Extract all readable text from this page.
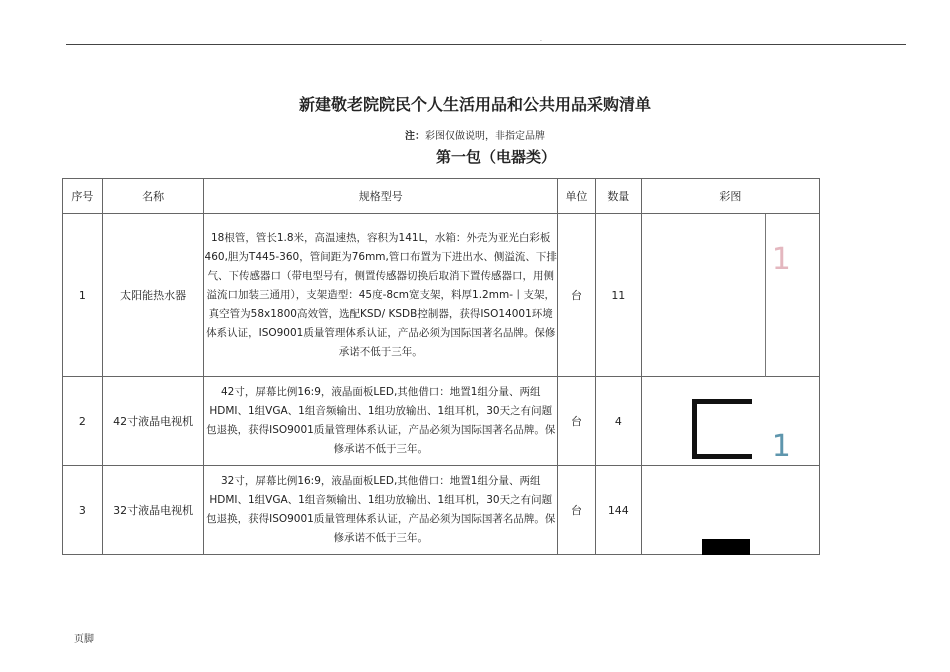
.
新建敬老院院民个人生活用品和公共用品采购清单
注：彩图仅做说明，非指定品牌
第一包（电器类）
序号	名称	规格型号	单位	数量	彩图
1	太阳能热水器	18根管，管长1.8米，高温速热，容积为141L，水箱：外壳为亚光白彩板460,胆为T445-360，管间距为76mm,管口布置为下进出水、侧溢流、下排气、下传感器口（带电型号有，侧置传感器切换后取消下置传感器口，用侧溢流口加装三通用），支架造型：45度-8cm宽支架，料厚1.2mm-丨支架，真空管为58x1800高效管，选配KSD/ KSDB控制器，获得ISO14001环境体系认证，ISO9001质量管理体系认证，产品必须为国际国著名品牌。保修承诺不低于三年。	台	11	1

2	42寸液晶电视机	42寸，屏幕比例16:9，液晶面板LED,其他借口：地置1组分量、两组HDMI、1组VGA、1组音频输出、1组功放输出、1组耳机，30天之有问题包退换，获得ISO9001质量管理体系认证，产品必须为国际国著名品牌。保修承诺不低于三年。	台	4	1

3	32寸液晶电视机	32寸，屏幕比例16:9，液晶面板LED,其他借口：地置1组分量、两组HDMI、1组VGA、1组音频输出、1组功放输出、1组耳机，30天之有问题包退换，获得ISO9001质量管理体系认证，产品必须为国际国著名品牌。保修承诺不低于三年。	台	144	
页脚
